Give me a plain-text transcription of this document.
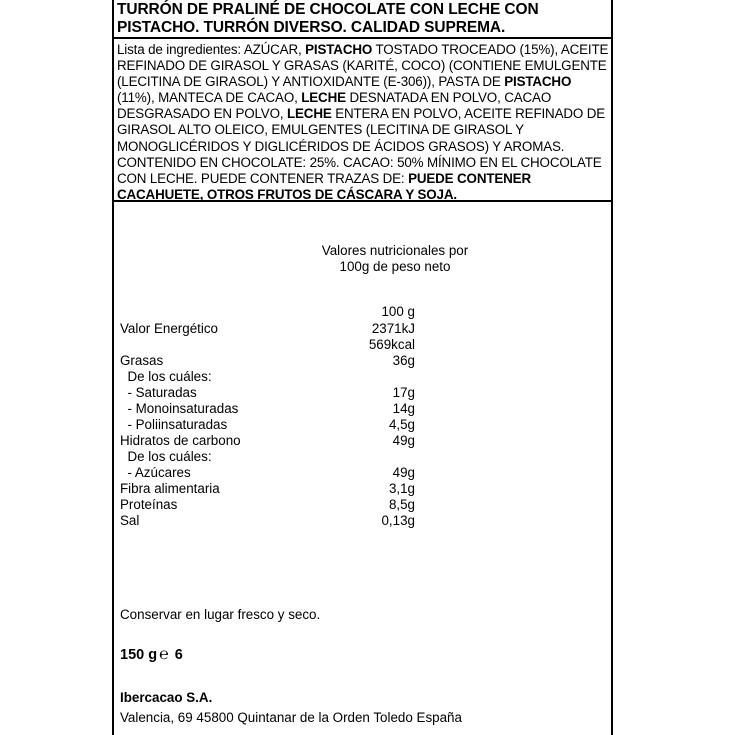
TURRÓN DE PRALINÉ DE CHOCOLATE CON LECHE CON
PISTACHO. TURRÓN DIVERSO. CALIDAD SUPREMA.
Lista de ingredientes: AZÚCAR, PISTACHO TOSTADO TROCEADO (15%), ACEITE REFINADO DE GIRASOL Y GRASAS (KARITÉ, COCO) (CONTIENE EMULGENTE (LECITINA DE GIRASOL) Y ANTIOXIDANTE (E-306)), PASTA DE PISTACHO (11%), MANTECA DE CACAO, LECHE DESNATADA EN POLVO, CACAO DESGRASADO EN POLVO, LECHE ENTERA EN POLVO, ACEITE REFINADO DE GIRASOL ALTO OLEICO, EMULGENTES (LECITINA DE GIRASOL Y MONOGLICÉRIDOS Y DIGLICÉRIDOS DE ÁCIDOS GRASOS) Y AROMAS. CONTENIDO EN CHOCOLATE: 25%. CACAO: 50% MÍNIMO EN EL CHOCOLATE CON LECHE. PUEDE CONTENER TRAZAS DE: PUEDE CONTENER CACAHUETE, OTROS FRUTOS DE CÁSCARA Y SOJA.
Valores nutricionales por
100g de peso neto
100 g
Valor Energético	2371kJ
569kcal
Grasas	36g
De los cuáles:
- Saturadas	17g
- Monoinsaturadas	14g
- Poliinsaturadas	4,5g
Hidratos de carbono	49g
De los cuáles:
- Azúcares	49g
Fibra alimentaria	3,1g
Proteínas	8,5g
Sal	0,13g
Conservar en lugar fresco y seco.
150 g ℮ 6
Ibercacao S.A.
Valencia, 69 45800 Quintanar de la Orden Toledo España
